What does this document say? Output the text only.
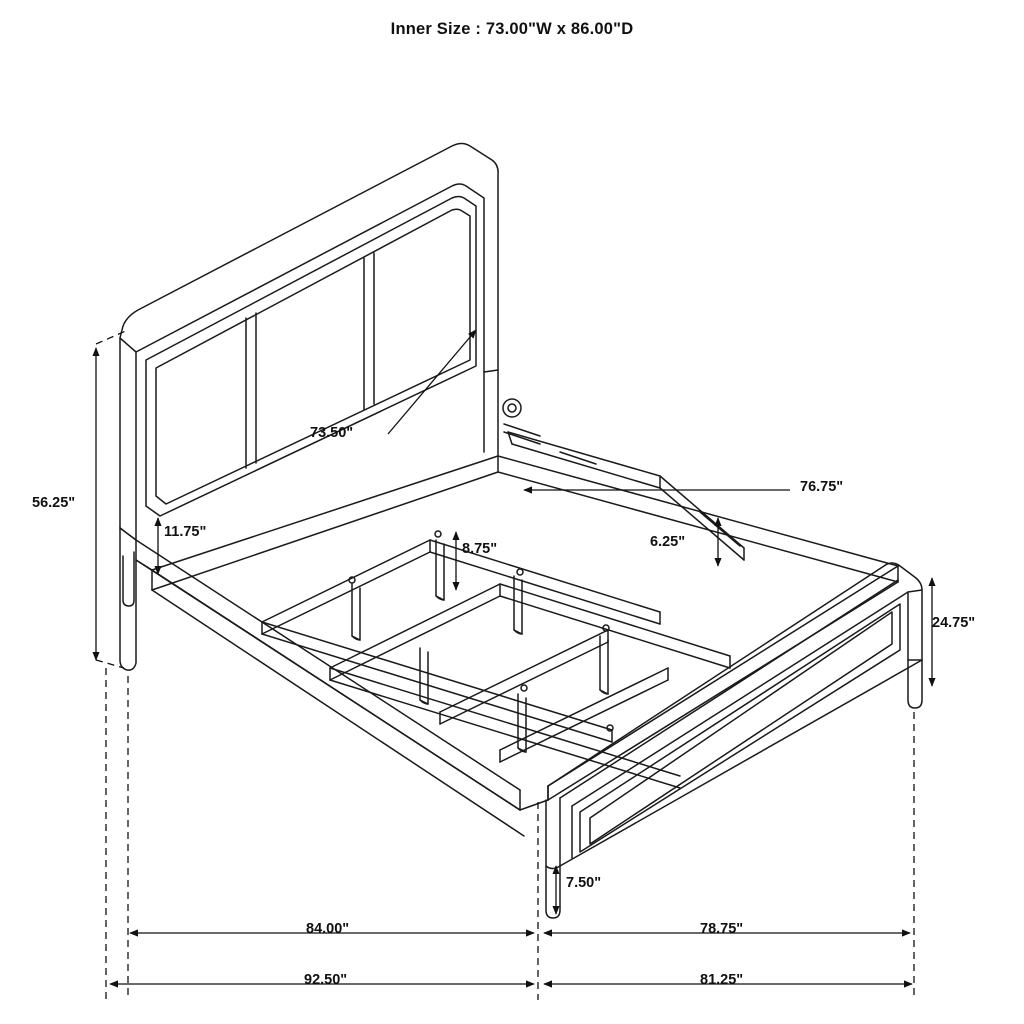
Inner Size : 73.00"W x 86.00"D
56.25"
73.50"
11.75"
8.75"	6.25"
76.75"
24.75"
7.50"
84.00"	78.75"
92.50"	81.25"
